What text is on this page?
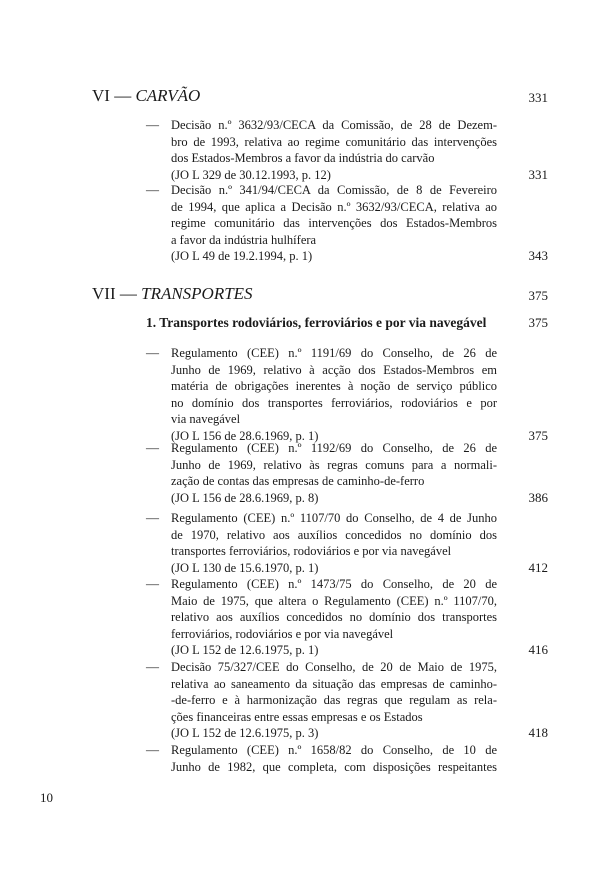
VI — CARVÃO	331
— Decisão n.º 3632/93/CECA da Comissão, de 28 de Dezem-
bro de 1993, relativa ao regime comunitário das intervenções
dos Estados-Membros a favor da indústria do carvão
(JO L 329 de 30.12.1993, p. 12)	331
— Decisão n.º 341/94/CECA da Comissão, de 8 de Fevereiro
de 1994, que aplica a Decisão n.º 3632/93/CECA, relativa ao
regime comunitário das intervenções dos Estados-Membros
a favor da indústria hulhífera
(JO L 49 de 19.2.1994, p. 1)	343
VII — TRANSPORTES	375
1. Transportes rodoviários, ferroviários e por via navegável	375
— Regulamento (CEE) n.º 1191/69 do Conselho, de 26 de
Junho de 1969, relativo à acção dos Estados-Membros em
matéria de obrigações inerentes à noção de serviço público
no domínio dos transportes ferroviários, rodoviários e por
via navegável
(JO L 156 de 28.6.1969, p. 1)	375
— Regulamento (CEE) n.º 1192/69 do Conselho, de 26 de
Junho de 1969, relativo às regras comuns para a normali-
zação de contas das empresas de caminho-de-ferro
(JO L 156 de 28.6.1969, p. 8)	386
— Regulamento (CEE) n.º 1107/70 do Conselho, de 4 de Junho
de 1970, relativo aos auxílios concedidos no domínio dos
transportes ferroviários, rodoviários e por via navegável
(JO L 130 de 15.6.1970, p. 1)	412
— Regulamento (CEE) n.º 1473/75 do Conselho, de 20 de
Maio de 1975, que altera o Regulamento (CEE) n.º 1107/70,
relativo aos auxílios concedidos no domínio dos transportes
ferroviários, rodoviários e por via navegável
(JO L 152 de 12.6.1975, p. 1)	416
— Decisão 75/327/CEE do Conselho, de 20 de Maio de 1975,
relativa ao saneamento da situação das empresas de caminho-
-de-ferro e à harmonização das regras que regulam as rela-
ções financeiras entre essas empresas e os Estados
(JO L 152 de 12.6.1975, p. 3)	418
— Regulamento (CEE) n.º 1658/82 do Conselho, de 10 de
Junho de 1982, que completa, com disposições respeitantes
10
